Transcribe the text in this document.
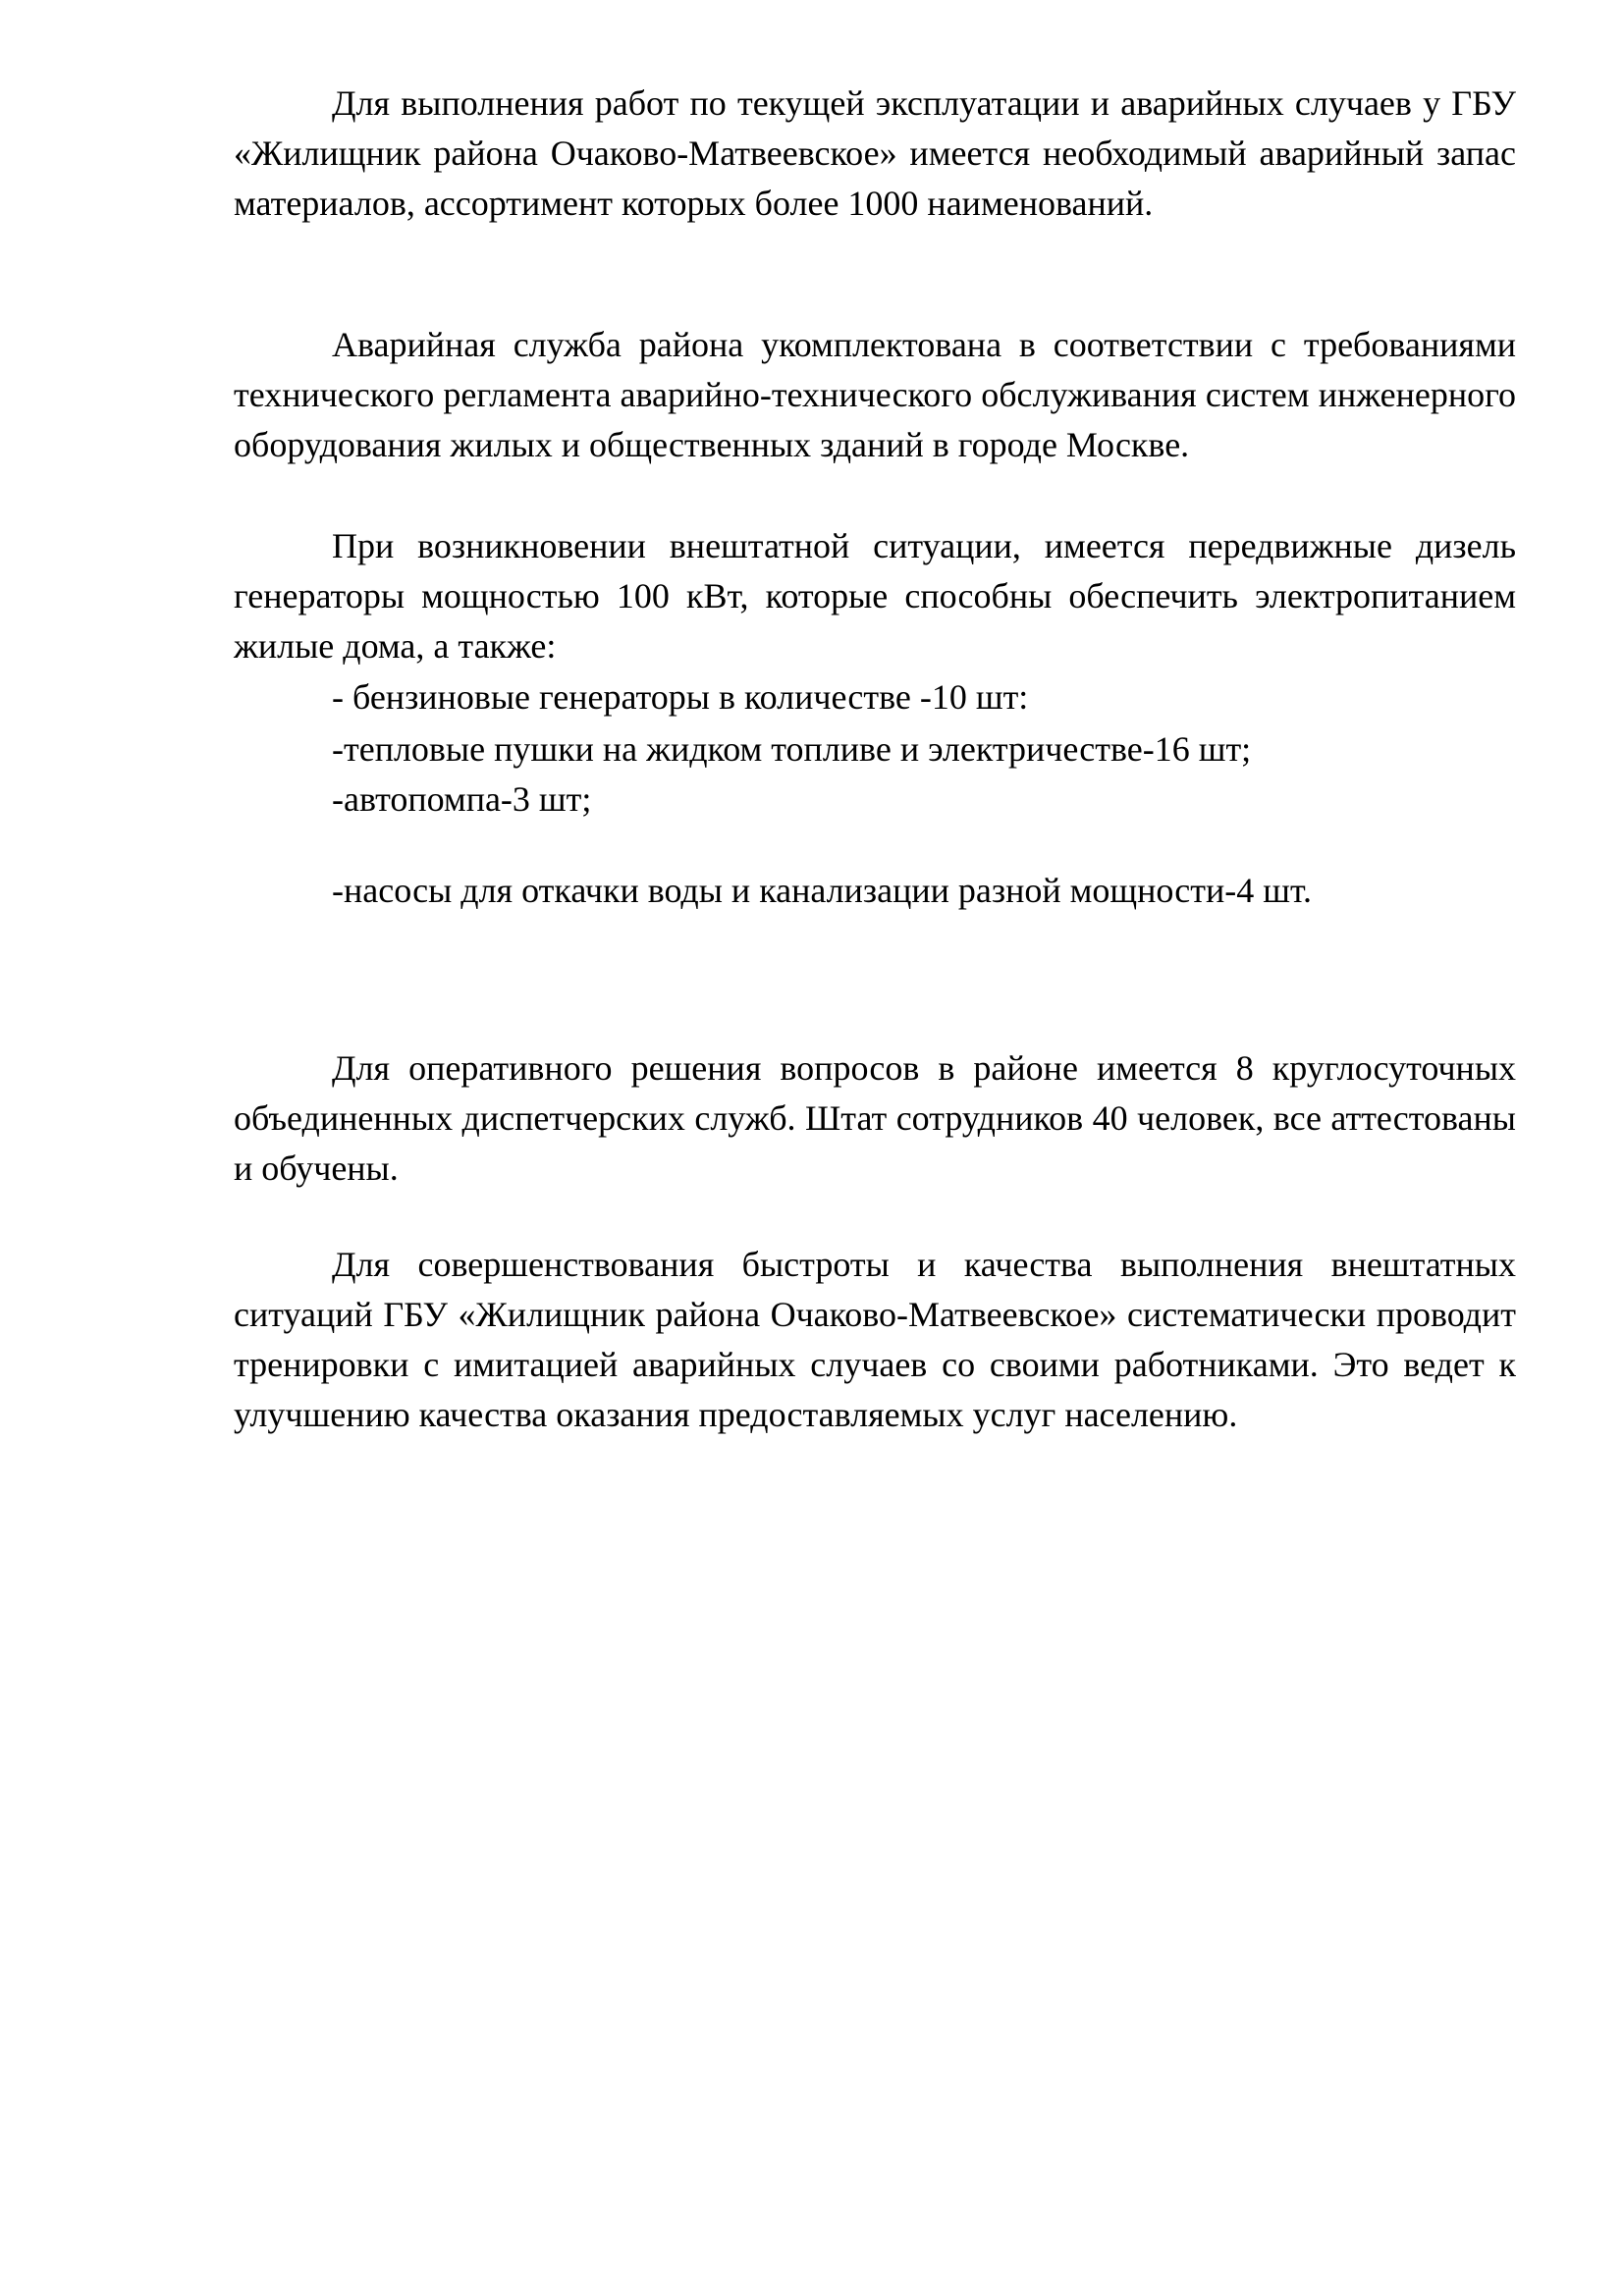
Для выполнения работ по текущей эксплуатации и аварийных случаев у ГБУ «Жилищник района Очаково-Матвеевское» имеется необходимый аварийный запас материалов, ассортимент которых более 1000 наименований.

Аварийная служба района укомплектована в соответствии с требованиями технического регламента аварийно-технического обслуживания систем инженерного оборудования жилых и общественных зданий в городе Москве.

При возникновении внештатной ситуации, имеется передвижные дизель генераторы мощностью 100 кВт, которые способны обеспечить электропитанием жилые дома, а также:

- бензиновые генераторы в количестве -10 шт:

-тепловые пушки на жидком топливе и электричестве-16 шт;

-автопомпа-3 шт;

-насосы для откачки воды и канализации разной мощности-4 шт.

Для оперативного решения вопросов в районе имеется 8 круглосуточных объединенных диспетчерских служб. Штат сотрудников 40 человек, все аттестованы и обучены.

Для совершенствования быстроты и качества выполнения внештатных ситуаций ГБУ «Жилищник района Очаково-Матвеевское» систематически проводит тренировки с имитацией аварийных случаев со своими работниками. Это ведет к улучшению качества оказания предоставляемых услуг населению.
